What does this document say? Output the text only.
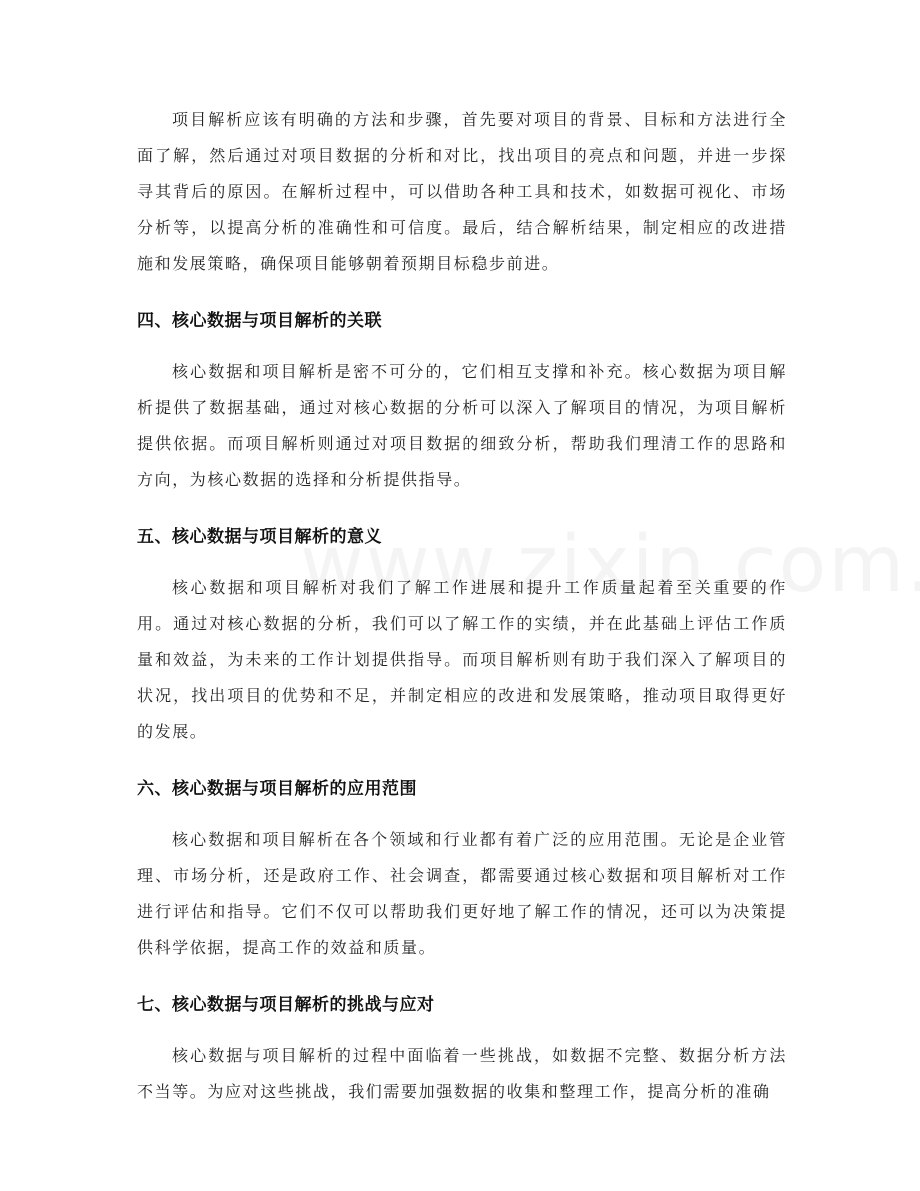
项目解析应该有明确的方法和步骤，首先要对项目的背景、目标和方法进行全面了解，然后通过对项目数据的分析和对比，找出项目的亮点和问题，并进一步探寻其背后的原因。在解析过程中，可以借助各种工具和技术，如数据可视化、市场分析等，以提高分析的准确性和可信度。最后，结合解析结果，制定相应的改进措施和发展策略，确保项目能够朝着预期目标稳步前进。

四、核心数据与项目解析的关联

核心数据和项目解析是密不可分的，它们相互支撑和补充。核心数据为项目解析提供了数据基础，通过对核心数据的分析可以深入了解项目的情况，为项目解析提供依据。而项目解析则通过对项目数据的细致分析，帮助我们理清工作的思路和方向，为核心数据的选择和分析提供指导。

五、核心数据与项目解析的意义

核心数据和项目解析对我们了解工作进展和提升工作质量起着至关重要的作用。通过对核心数据的分析，我们可以了解工作的实绩，并在此基础上评估工作质量和效益，为未来的工作计划提供指导。而项目解析则有助于我们深入了解项目的状况，找出项目的优势和不足，并制定相应的改进和发展策略，推动项目取得更好的发展。

六、核心数据与项目解析的应用范围

核心数据和项目解析在各个领域和行业都有着广泛的应用范围。无论是企业管理、市场分析，还是政府工作、社会调查，都需要通过核心数据和项目解析对工作进行评估和指导。它们不仅可以帮助我们更好地了解工作的情况，还可以为决策提供科学依据，提高工作的效益和质量。

七、核心数据与项目解析的挑战与应对

核心数据与项目解析的过程中面临着一些挑战，如数据不完整、数据分析方法不当等。为应对这些挑战，我们需要加强数据的收集和整理工作，提高分析的准确
